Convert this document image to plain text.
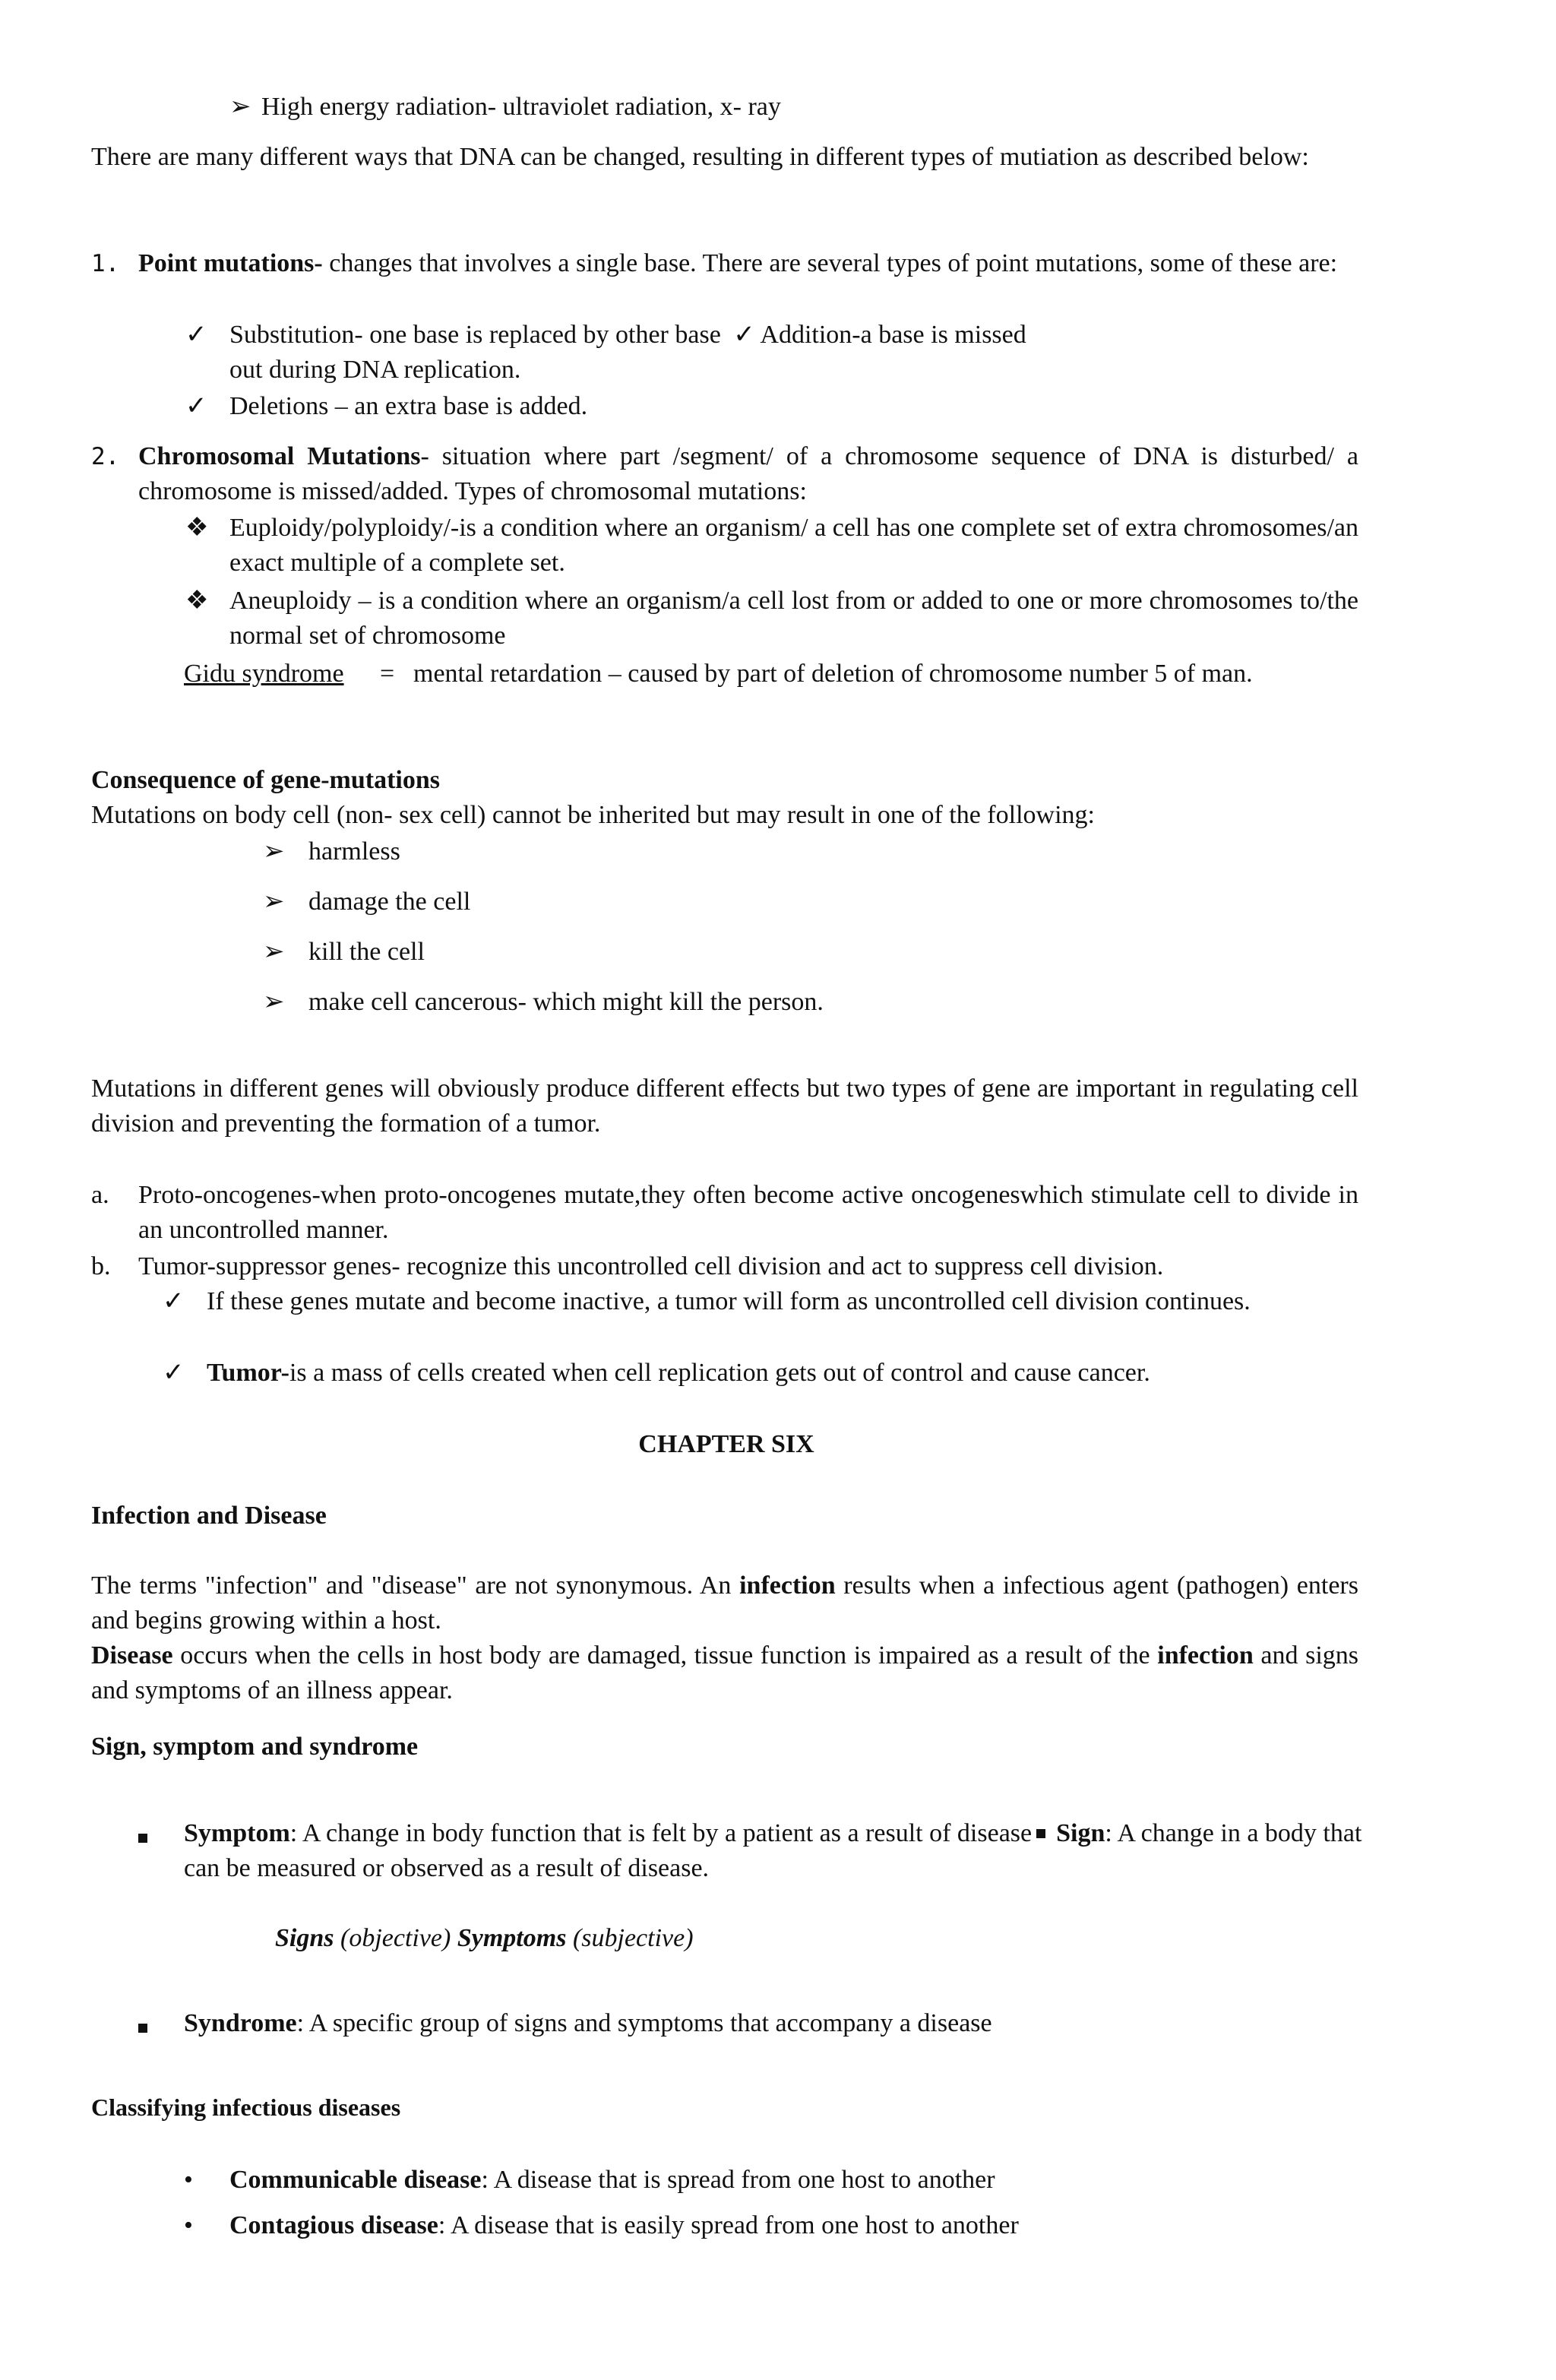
➢ High energy radiation- ultraviolet radiation, x- ray
There are many different ways that DNA can be changed, resulting in different types of mutiation as described below:
1. Point mutations- changes that involves a single base. There are several types of point mutations, some of these are:
✓ Substitution- one base is replaced by other base ✓ Addition-a base is missed
out during DNA replication.
✓ Deletions – an extra base is added.
2. Chromosomal Mutations- situation where part /segment/ of a chromosome sequence of DNA is disturbed/ a chromosome is missed/added. Types of chromosomal mutations:
❖ Euploidy/polyploidy/-is a condition where an organism/ a cell has one complete set of extra chromosomes/an exact multiple of a complete set.
❖ Aneuploidy – is a condition where an organism/a cell lost from or added to one or more chromosomes to/the normal set of chromosome
Gidu syndrome = mental retardation – caused by part of deletion of chromosome number 5 of man.
Consequence of gene-mutations
Mutations on body cell (non- sex cell) cannot be inherited but may result in one of the following:
➢ harmless
➢ damage the cell
➢ kill the cell
➢ make cell cancerous- which might kill the person.
Mutations in different genes will obviously produce different effects but two types of gene are important in regulating cell division and preventing the formation of a tumor.
a. Proto-oncogenes-when proto-oncogenes mutate,they often become active oncogeneswhich stimulate cell to divide in an uncontrolled manner.
b. Tumor-suppressor genes- recognize this uncontrolled cell division and act to suppress cell division.
✓ If these genes mutate and become inactive, a tumor will form as uncontrolled cell division continues.
✓ Tumor-is a mass of cells created when cell replication gets out of control and cause cancer.
CHAPTER SIX
Infection and Disease
The terms "infection" and "disease" are not synonymous. An infection results when a infectious agent (pathogen) enters and begins growing within a host.
Disease occurs when the cells in host body are damaged, tissue function is impaired as a result of the infection and signs and symptoms of an illness appear.
Sign, symptom and syndrome
Symptom: A change in body function that is felt by a patient as a result of disease Sign: A change in a body that can be measured or observed as a result of disease.
Signs (objective) Symptoms (subjective)
Syndrome: A specific group of signs and symptoms that accompany a disease
Classifying infectious diseases
• Communicable disease: A disease that is spread from one host to another
• Contagious disease: A disease that is easily spread from one host to another
